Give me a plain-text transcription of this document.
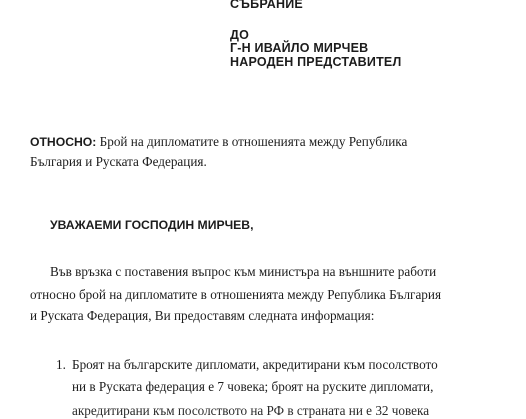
СЪБРАНИЕ
ДО
Г-Н ИВАЙЛО МИРЧЕВ
НАРОДЕН ПРЕДСТАВИТЕЛ
ОТНОСНО: Брой на дипломатите в отношенията между Република
България и Руската Федерация.
УВАЖАЕМИ ГОСПОДИН МИРЧЕВ,
Във връзка с поставения въпрос към министъра на външните работи
относно брой на дипломатите в отношенията между Република България
и Руската Федерация, Ви предоставям следната информация:
1. Броят на българските дипломати, акредитирани към посолството
ни в Руската федерация е 7 човека; броят на руските дипломати,
акредитирани към посолството на РФ в страната ни е 32 човека
